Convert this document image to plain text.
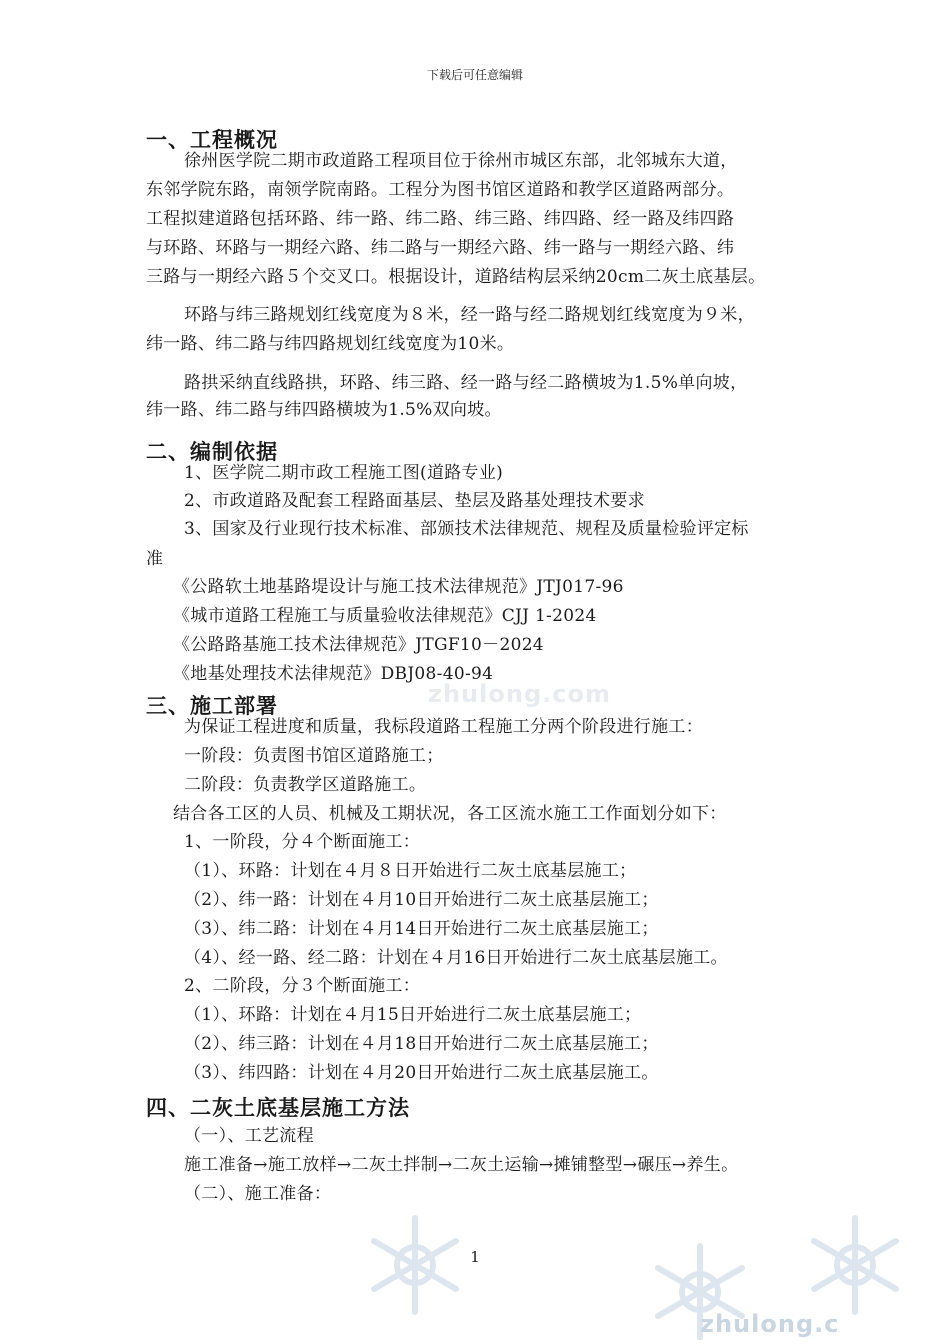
下载后可任意编辑
一、工程概况
徐州医学院二期市政道路工程项目位于徐州市城区东部，北邻城东大道，
东邻学院东路，南领学院南路。工程分为图书馆区道路和教学区道路两部分。
工程拟建道路包括环路、纬一路、纬二路、纬三路、纬四路、经一路及纬四路
与环路、环路与一期经六路、纬二路与一期经六路、纬一路与一期经六路、纬
三路与一期经六路５个交叉口。根据设计，道路结构层采纳20cm二灰土底基层。
环路与纬三路规划红线宽度为８米，经一路与经二路规划红线宽度为９米，
纬一路、纬二路与纬四路规划红线宽度为10米。
路拱采纳直线路拱，环路、纬三路、经一路与经二路横坡为1.5%单向坡，
纬一路、纬二路与纬四路横坡为1.5%双向坡。
二、编制依据
1、医学院二期市政工程施工图(道路专业)
2、市政道路及配套工程路面基层、垫层及路基处理技术要求
3、国家及行业现行技术标准、部颁技术法律规范、规程及质量检验评定标
准
《公路软土地基路堤设计与施工技术法律规范》JTJ017-96
《城市道路工程施工与质量验收法律规范》CJJ 1-2024
《公路路基施工技术法律规范》JTGF10－2024
《地基处理技术法律规范》DBJ08-40-94
zhulong.com
三、施工部署
为保证工程进度和质量，我标段道路工程施工分两个阶段进行施工：
一阶段：负责图书馆区道路施工；
二阶段：负责教学区道路施工。
结合各工区的人员、机械及工期状况，各工区流水施工工作面划分如下：
1、一阶段，分４个断面施工：
（1）、环路：计划在４月８日开始进行二灰土底基层施工；
（2）、纬一路：计划在４月10日开始进行二灰土底基层施工；
（3）、纬二路：计划在４月14日开始进行二灰土底基层施工；
（4）、经一路、经二路：计划在４月16日开始进行二灰土底基层施工。
2、二阶段，分３个断面施工：
（1）、环路：计划在４月15日开始进行二灰土底基层施工；
（2）、纬三路：计划在４月18日开始进行二灰土底基层施工；
（3）、纬四路：计划在４月20日开始进行二灰土底基层施工。
四、二灰土底基层施工方法
（一）、工艺流程
施工准备→施工放样→二灰土拌制→二灰土运输→摊铺整型→碾压→养生。
（二）、施工准备：
1
zhulong.c
